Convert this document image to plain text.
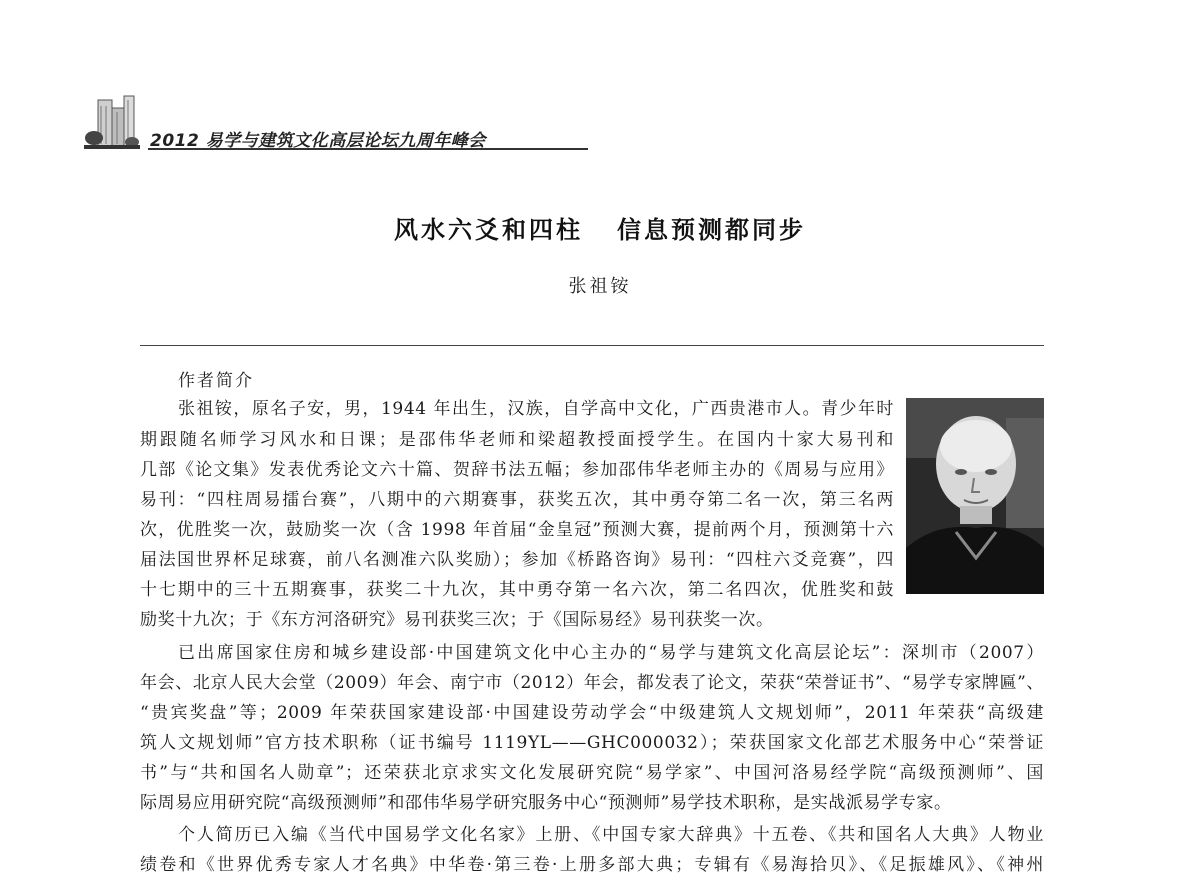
2012 易学与建筑文化高层论坛九周年峰会
风水六爻和四柱   信息预测都同步
张祖铵
作者简介
张祖铵，原名子安，男，1944 年出生，汉族，自学高中文化，广西贵港市人。青少年时
期跟随名师学习风水和日课；是邵伟华老师和梁超教授面授学生。在国内十家大易刊和
几部《论文集》发表优秀论文六十篇、贺辞书法五幅；参加邵伟华老师主办的《周易与应用》
易刊：“四柱周易擂台赛”，八期中的六期赛事，获奖五次，其中勇夺第二名一次，第三名两
次，优胜奖一次，鼓励奖一次（含 1998 年首届“金皇冠”预测大赛，提前两个月，预测第十六
届法国世界杯足球赛，前八名测准六队奖励）；参加《桥路咨询》易刊：“四柱六爻竞赛”，四
十七期中的三十五期赛事，获奖二十九次，其中勇夺第一名六次，第二名四次，优胜奖和鼓
励奖十九次；于《东方河洛研究》易刊获奖三次；于《国际易经》易刊获奖一次。
已出席国家住房和城乡建设部·中国建筑文化中心主办的“易学与建筑文化高层论坛”：深圳市（2007）
年会、北京人民大会堂（2009）年会、南宁市（2012）年会，都发表了论文，荣获“荣誉证书”、“易学专家牌匾”、
“贵宾奖盘”等；2009 年荣获国家建设部·中国建设劳动学会“中级建筑人文规划师”，2011 年荣获“高级建
筑人文规划师”官方技术职称（证书编号 1119YL——GHC000032）；荣获国家文化部艺术服务中心“荣誉证
书”与“共和国名人勋章”；还荣获北京求实文化发展研究院“易学家”、中国河洛易经学院“高级预测师”、国
际周易应用研究院“高级预测师”和邵伟华易学研究服务中心“预测师”易学技术职称，是实战派易学专家。
个人简历已入编《当代中国易学文化名家》上册、《中国专家大辞典》十五卷、《共和国名人大典》人物业
绩卷和《世界优秀专家人才名典》中华卷·第三卷·上册多部大典；专辑有《易海拾贝》、《足振雄风》、《神州
